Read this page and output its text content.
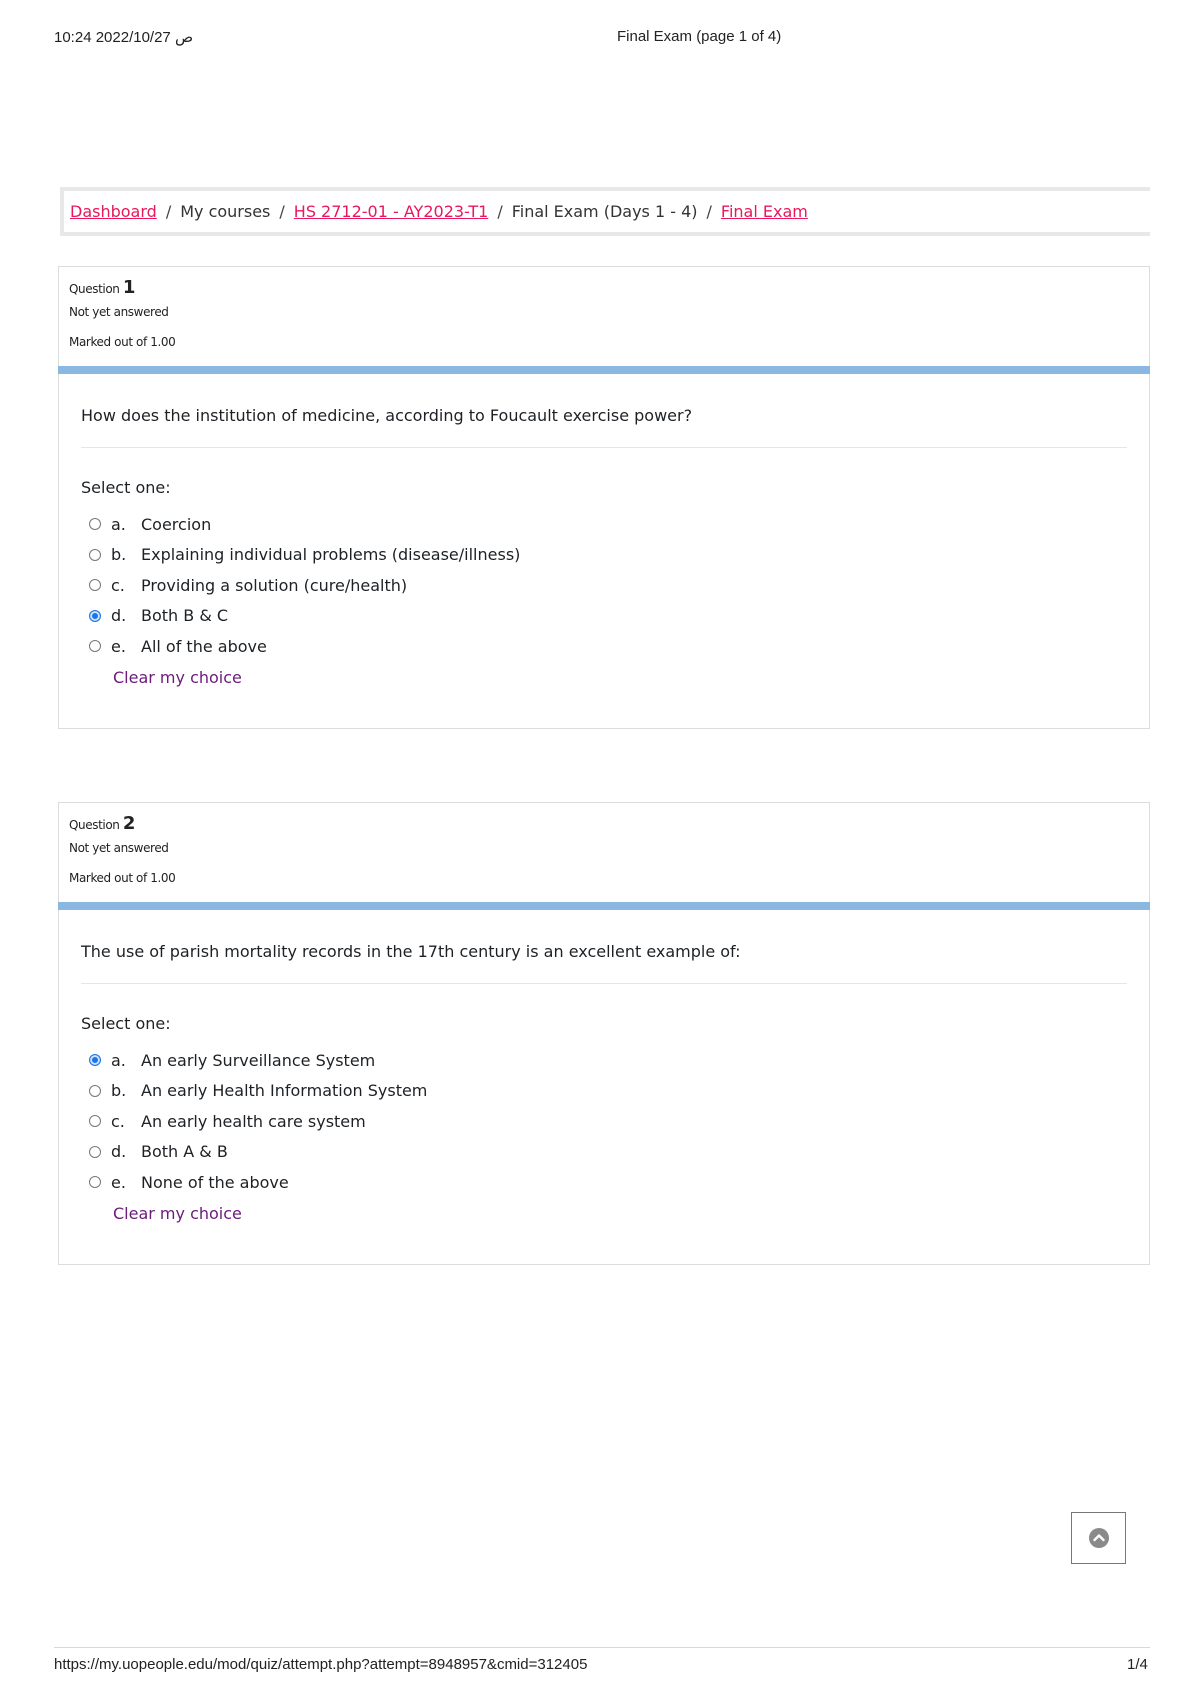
10:24 2022/10/27 ص	Final Exam (page 1 of 4)
Dashboard / My courses / HS 2712-01 - AY2023-T1 / Final Exam (Days 1 - 4) / Final Exam
Question 1
Not yet answered
Marked out of 1.00
How does the institution of medicine, according to Foucault exercise power?
Select one:
a. Coercion
b. Explaining individual problems (disease/illness)
c.	Providing a solution (cure/health)
d. Both B & C
e. All of the above
Clear my choice
Question 2
Not yet answered
Marked out of 1.00
The use of parish mortality records in the 17th century is an excellent example of:
Select one:
a. An early Surveillance System
b. An early Health Information System
c.	An early health care system
d. Both A & B
e. None of the above
Clear my choice
https://my.uopeople.edu/mod/quiz/attempt.php?attempt=8948957&cmid=312405	1/4
